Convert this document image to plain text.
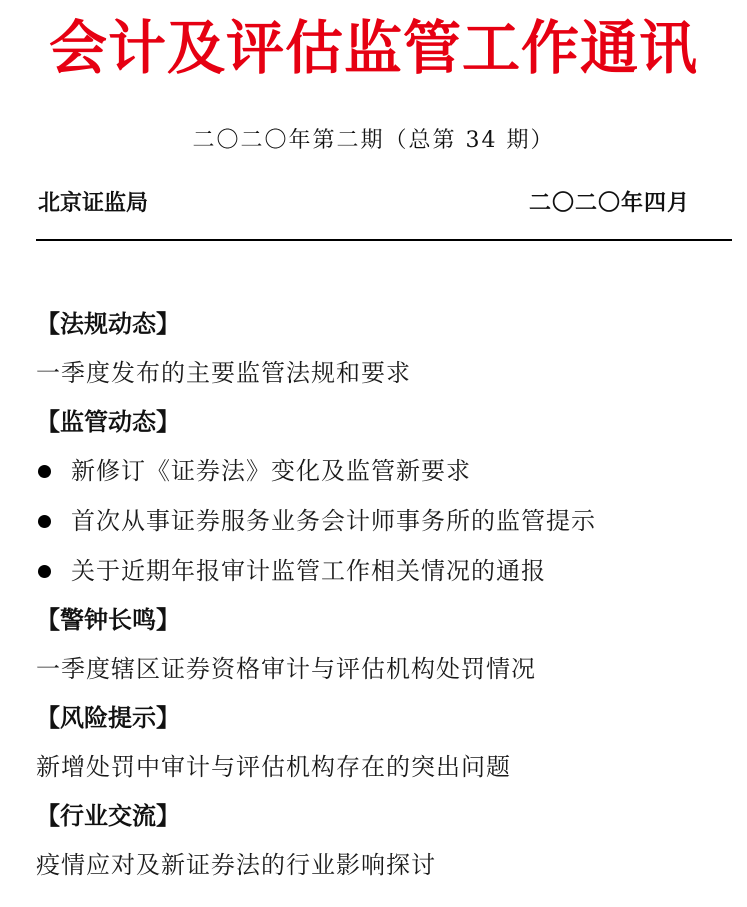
会计及评估监管工作通讯
二〇二〇年第二期（总第 34 期）
北京证监局	二〇二〇年四月
【法规动态】
一季度发布的主要监管法规和要求
【监管动态】
新修订《证券法》变化及监管新要求
首次从事证券服务业务会计师事务所的监管提示
关于近期年报审计监管工作相关情况的通报
【警钟长鸣】
一季度辖区证券资格审计与评估机构处罚情况
【风险提示】
新增处罚中审计与评估机构存在的突出问题
【行业交流】
疫情应对及新证券法的行业影响探讨
